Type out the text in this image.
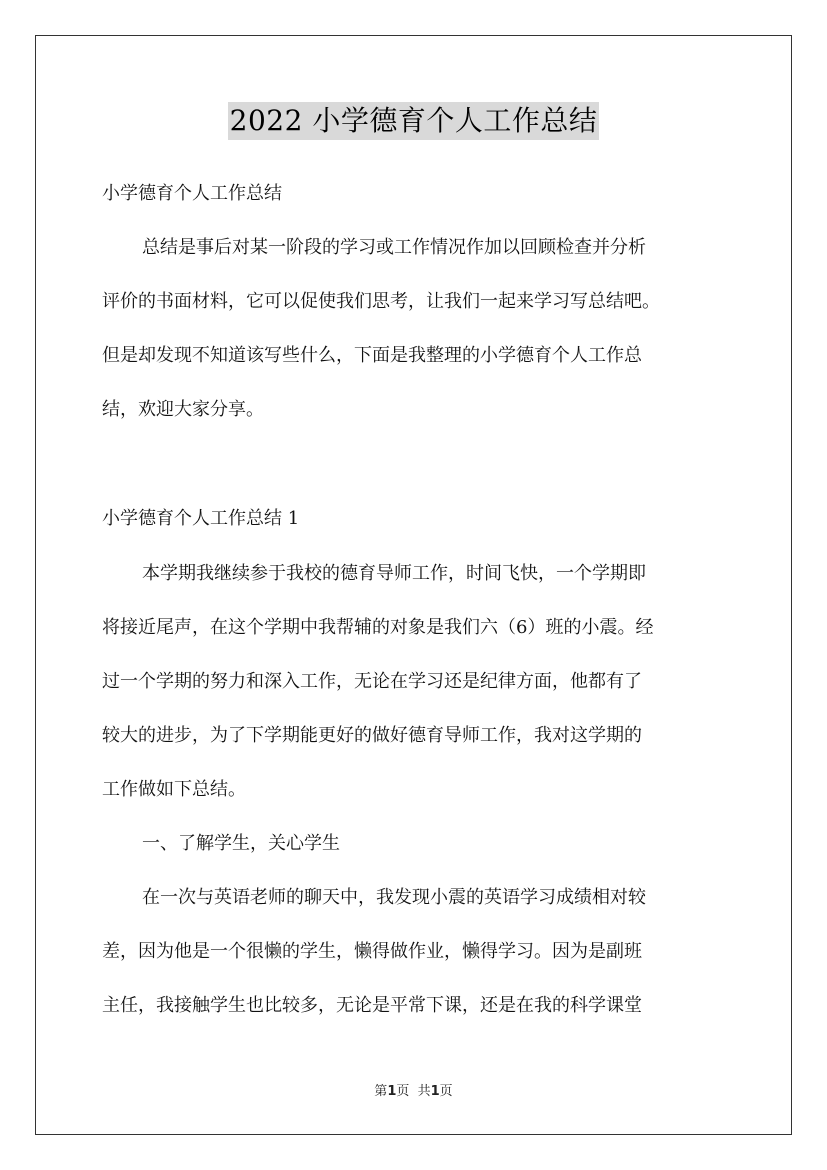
2022 小学德育个人工作总结
小学德育个人工作总结
总结是事后对某一阶段的学习或工作情况作加以回顾检查并分析
评价的书面材料，它可以促使我们思考，让我们一起来学习写总结吧。
但是却发现不知道该写些什么，下面是我整理的小学德育个人工作总
结，欢迎大家分享。
小学德育个人工作总结 1
本学期我继续参于我校的德育导师工作，时间飞快，一个学期即
将接近尾声，在这个学期中我帮辅的对象是我们六（6）班的小震。经
过一个学期的努力和深入工作，无论在学习还是纪律方面，他都有了
较大的进步，为了下学期能更好的做好德育导师工作，我对这学期的
工作做如下总结。
一、了解学生，关心学生
在一次与英语老师的聊天中，我发现小震的英语学习成绩相对较
差，因为他是一个很懒的学生，懒得做作业，懒得学习。因为是副班
主任，我接触学生也比较多，无论是平常下课，还是在我的科学课堂
第1页  共1页
